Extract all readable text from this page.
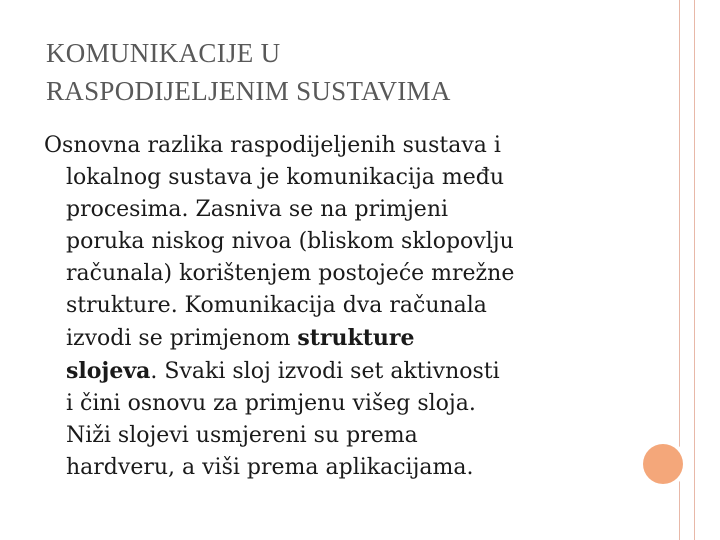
KOMUNIKACIJE U
RASPODIJELJENIM SUSTAVIMA
Osnovna razlika raspodijeljenih sustava i
lokalnog sustava je komunikacija među
procesima. Zasniva se na primjeni
poruka niskog nivoa (bliskom sklopovlju
računala) korištenjem postojeće mrežne
strukture. Komunikacija dva računala
izvodi se primjenom strukture
slojeva. Svaki sloj izvodi set aktivnosti
i čini osnovu za primjenu višeg sloja.
Niži slojevi usmjereni su prema
hardveru, a viši prema aplikacijama.
